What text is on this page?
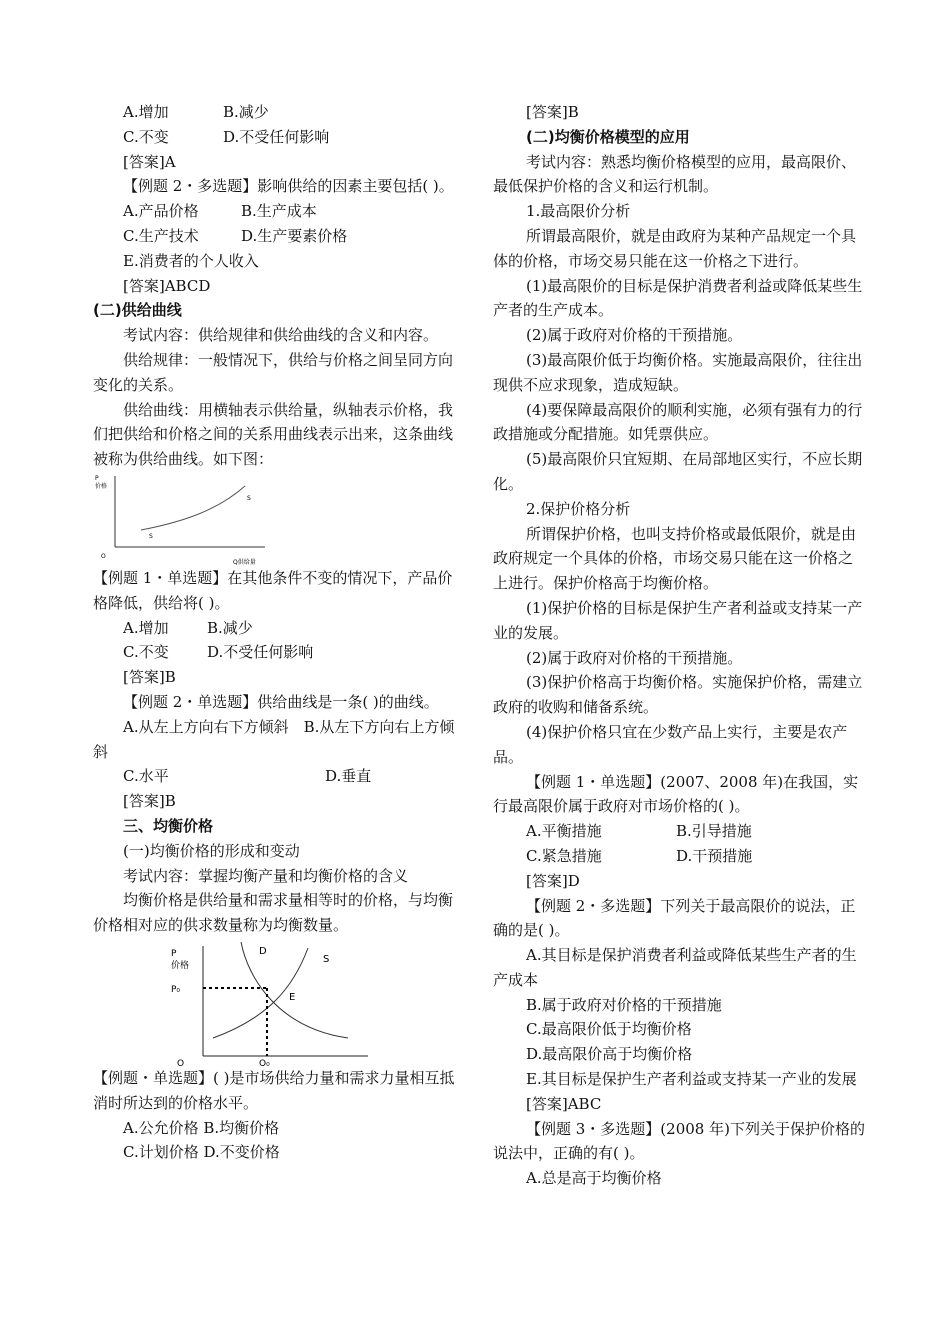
A.增加	B.减少
C.不变	D.不受任何影响
[答案]A
【例题 2・多选题】影响供给的因素主要包括( )。
A.产品价格	B.生产成本
C.生产技术	D.生产要素价格
E.消费者的个人收入
[答案]ABCD
(二)供给曲线
考试内容：供给规律和供给曲线的含义和内容。
供给规律：一般情况下，供给与价格之间呈同方向变化的关系。
供给曲线：用横轴表示供给量，纵轴表示价格，我们把供给和价格之间的关系用曲线表示出来，这条曲线被称为供给曲线。如下图：
P
价格
S
S
O
Q供给量
【例题 1・单选题】在其他条件不变的情况下，产品价格降低，供给将( )。
A.增加	B.减少
C.不变	D.不受任何影响
[答案]B
【例题 2・单选题】供给曲线是一条( )的曲线。
A.从左上方向右下方倾斜　B.从左下方向右上方倾斜
C.水平	D.垂直
[答案]B
三、均衡价格
(一)均衡价格的形成和变动
考试内容：掌握均衡产量和均衡价格的含义
均衡价格是供给量和需求量相等时的价格，与均衡价格相对应的供求数量称为均衡数量。
P
价格
P₀
D
S
E
O	Q₀
【例题・单选题】( )是市场供给力量和需求力量相互抵消时所达到的价格水平。
A.公允价格 B.均衡价格
C.计划价格 D.不变价格
[答案]B
(二)均衡价格模型的应用
考试内容：熟悉均衡价格模型的应用，最高限价、最低保护价格的含义和运行机制。
1.最高限价分析
所谓最高限价，就是由政府为某种产品规定一个具体的价格，市场交易只能在这一价格之下进行。
(1)最高限价的目标是保护消费者利益或降低某些生产者的生产成本。
(2)属于政府对价格的干预措施。
(3)最高限价低于均衡价格。实施最高限价，往往出现供不应求现象，造成短缺。
(4)要保障最高限价的顺利实施，必须有强有力的行政措施或分配措施。如凭票供应。
(5)最高限价只宜短期、在局部地区实行，不应长期化。
2.保护价格分析
所谓保护价格，也叫支持价格或最低限价，就是由政府规定一个具体的价格，市场交易只能在这一价格之上进行。保护价格高于均衡价格。
(1)保护价格的目标是保护生产者利益或支持某一产业的发展。
(2)属于政府对价格的干预措施。
(3)保护价格高于均衡价格。实施保护价格，需建立政府的收购和储备系统。
(4)保护价格只宜在少数产品上实行，主要是农产品。
【例题 1・单选题】(2007、2008 年)在我国，实行最高限价属于政府对市场价格的( )。
A.平衡措施	B.引导措施
C.紧急措施	D.干预措施
[答案]D
【例题 2・多选题】下列关于最高限价的说法，正确的是( )。
A.其目标是保护消费者利益或降低某些生产者的生产成本
B.属于政府对价格的干预措施
C.最高限价低于均衡价格
D.最高限价高于均衡价格
E.其目标是保护生产者利益或支持某一产业的发展
[答案]ABC
【例题 3・多选题】(2008 年)下列关于保护价格的说法中，正确的有( )。
A.总是高于均衡价格
